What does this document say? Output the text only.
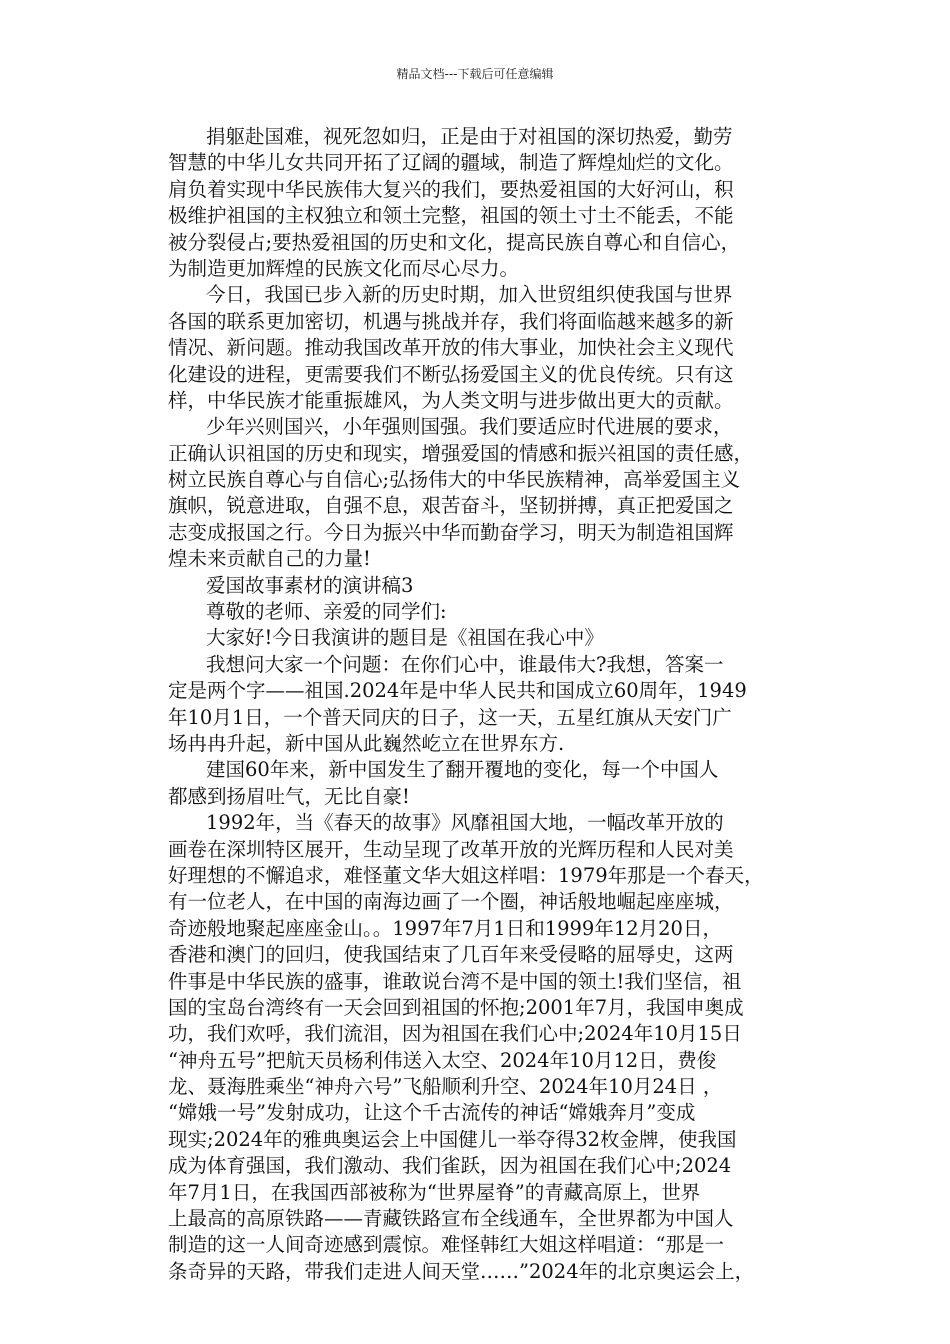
精品文档---下载后可任意编辑
捐躯赴国难，视死忽如归，正是由于对祖国的深切热爱，勤劳
智慧的中华儿女共同开拓了辽阔的疆域，制造了辉煌灿烂的文化。
肩负着实现中华民族伟大复兴的我们，要热爱祖国的大好河山，积
极维护祖国的主权独立和领土完整，祖国的领土寸土不能丢，不能
被分裂侵占;要热爱祖国的历史和文化，提高民族自尊心和自信心，
为制造更加辉煌的民族文化而尽心尽力。
今日，我国已步入新的历史时期，加入世贸组织使我国与世界
各国的联系更加密切，机遇与挑战并存，我们将面临越来越多的新
情况、新问题。推动我国改革开放的伟大事业，加快社会主义现代
化建设的进程，更需要我们不断弘扬爱国主义的优良传统。只有这
样，中华民族才能重振雄风，为人类文明与进步做出更大的贡献。
少年兴则国兴，小年强则国强。我们要适应时代进展的要求，
正确认识祖国的历史和现实，增强爱国的情感和振兴祖国的责任感，
树立民族自尊心与自信心;弘扬伟大的中华民族精神，高举爱国主义
旗帜，锐意进取，自强不息，艰苦奋斗，坚韧拼搏，真正把爱国之
志变成报国之行。今日为振兴中华而勤奋学习，明天为制造祖国辉
煌未来贡献自己的力量!
爱国故事素材的演讲稿3
尊敬的老师、亲爱的同学们:
大家好!今日我演讲的题目是《祖国在我心中》
我想问大家一个问题：在你们心中，谁最伟大?我想，答案一
定是两个字——祖国.2024年是中华人民共和国成立60周年，1949
年10月1日，一个普天同庆的日子，这一天，五星红旗从天安门广
场冉冉升起，新中国从此巍然屹立在世界东方.
建国60年来，新中国发生了翻开覆地的变化，每一个中国人
都感到扬眉吐气，无比自豪!
1992年，当《春天的故事》风靡祖国大地，一幅改革开放的
画卷在深圳特区展开，生动呈现了改革开放的光辉历程和人民对美
好理想的不懈追求，难怪董文华大姐这样唱：1979年那是一个春天，
有一位老人，在中国的南海边画了一个圈，神话般地崛起座座城，
奇迹般地聚起座座金山。。1997年7月1日和1999年12月20日，
香港和澳门的回归，使我国结束了几百年来受侵略的屈辱史，这两
件事是中华民族的盛事，谁敢说台湾不是中国的领土!我们坚信，祖
国的宝岛台湾终有一天会回到祖国的怀抱;2001年7月，我国申奥成
功，我们欢呼，我们流泪，因为祖国在我们心中;2024年10月15日
“神舟五号”把航天员杨利伟送入太空、2024年10月12日，费俊
龙、聂海胜乘坐“神舟六号”飞船顺利升空、2024年10月24日 ，
“嫦娥一号”发射成功，让这个千古流传的神话“嫦娥奔月”变成
现实;2024年的雅典奥运会上中国健儿一举夺得32枚金牌，使我国
成为体育强国，我们激动、我们雀跃，因为祖国在我们心中;2024
年7月1日，在我国西部被称为“世界屋脊”的青藏高原上，世界
上最高的高原铁路——青藏铁路宣布全线通车，全世界都为中国人
制造的这一人间奇迹感到震惊。难怪韩红大姐这样唱道：“那是一
条奇异的天路，带我们走进人间天堂……”2024年的北京奥运会上，
